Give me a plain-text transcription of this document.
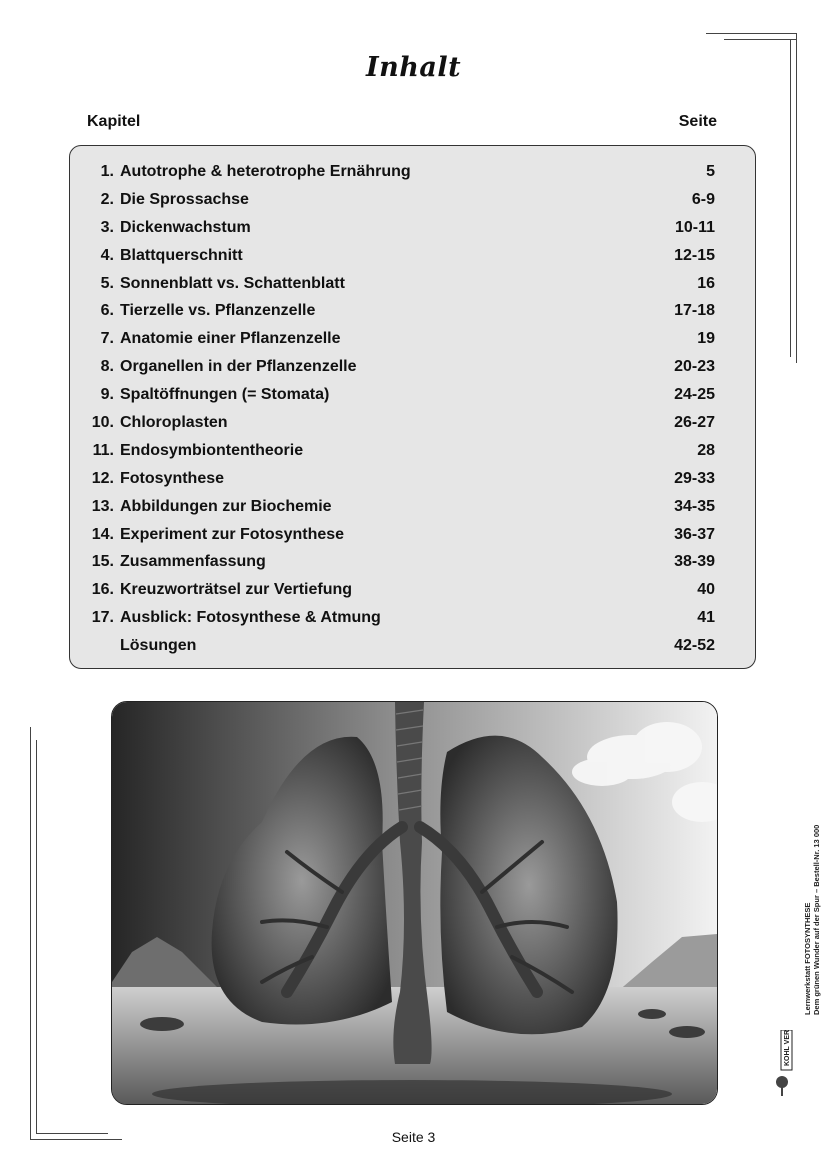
Inhalt
Kapitel	Seite
1. Autotrophe & heterotrophe Ernährung	5
2. Die Sprossachse	6-9
3. Dickenwachstum	10-11
4. Blattquerschnitt	12-15
5. Sonnenblatt vs. Schattenblatt	16
6. Tierzelle vs. Pflanzenzelle	17-18
7. Anatomie einer Pflanzenzelle	19
8. Organellen in der Pflanzenzelle	20-23
9. Spaltöffnungen (= Stomata)	24-25
10. Chloroplasten	26-27
11. Endosymbiontentheorie	28
12. Fotosynthese	29-33
13. Abbildungen zur Biochemie	34-35
14. Experiment zur Fotosynthese	36-37
15. Zusammenfassung	38-39
16. Kreuzworträtsel zur Vertiefung	40
17. Ausblick: Fotosynthese & Atmung	41
Lösungen	42-52
KOHL VERLAG
Lernwerkstatt FOTOSYNTHESE Dem grünen Wunder auf der Spur – Bestell-Nr. 13 000
Seite 3
